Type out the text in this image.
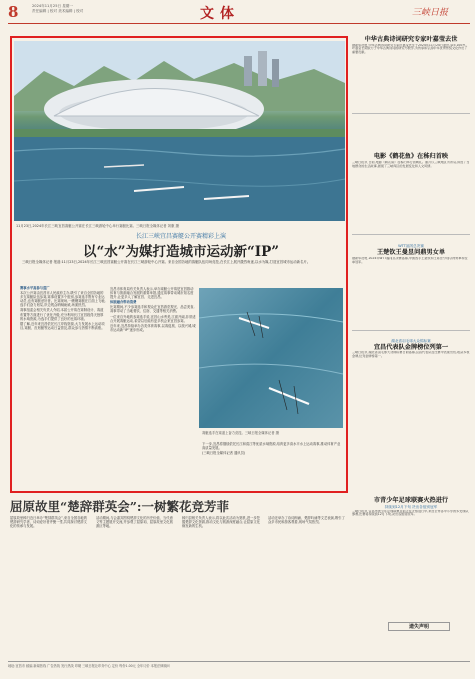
8	2024年11月25日 星期一
责任编辑 | 校对 美术编辑 | 校对	文体	三峡日报
11月23日,2024年长江三峡宜昌赛艇公开赛在长江三峡游轮中心举行赛艇比赛。三峡日报全媒体记者 刘康 摄
长江三峡宜昌赛艇公开赛精彩上演
以“水”为媒打造城市运动新“IP”
三峡日报全媒体记者 报道:11月23日,2024年长江三峡宜昌赛艇公开赛在长江三峡游轮中心开赛。来自全国各地的赛艇队伍同场竞技,在长江上展开激烈角逐,以水为媒,打造宜昌城市运动新名片。
赛事水平高参与度广

本次公开赛由宜昌市人民政府主办,吸引了来自全国各地的多支赛艇队伍参赛,赛事设置多个组别,参赛选手既有专业运动员,也有赛艇爱好者。比赛现场,一艘艘赛艇在江面上飞驰,选手们奋力划桨,岸边观众呐喊助威,场面热烈。

赛事组委会相关负责人介绍,本届公开赛在赛制设计、赛道布置等方面进行了优化升级,充分利用长江宜昌段得天独厚的水域资源,为选手们提供了良好的比赛环境。

据了解,近年来宜昌依托长江岸线资源,大力发展水上运动项目,赛艇、皮划艇等运动日益普及,群众参与热情不断高涨。

宜昌市体育局有关负责人表示,举办赛艇公开赛是宜昌推动体育与旅游融合发展的重要举措,通过赛事带动城市知名度提升,让更多人了解宜昌、走进宜昌。

体旅融合带动消费

比赛期间,不少参赛选手和观众在宜昌游览观光、品尝美食,赛事带动了当地餐饮、住宿、交通等相关消费。

一位来自外地的参赛选手说,宜昌山水秀美,江面开阔,非常适合开展赛艇运动,希望以后能有更多机会来宜昌参赛。

近年来,宜昌持续举办各类体育赛事,以赛促旅、以旅兴城,城市运动新“IP”逐步形成。

赛艇选手在赛道上奋力竞技。三峡日报全媒体记者 摄

下一步,宜昌将继续依托长江和清江等优质水域资源,培育更多高水平水上运动赛事,推动体育产业高质量发展。

(三峡日报全媒体记者 通讯员)

中华古典诗词研究专家叶嘉莹去世
据新华社电 中华古典诗词研究专家叶嘉莹先生于2024年11月24日逝世,享年100岁。叶嘉莹长期致力于中华古典诗词的研究与教学,为传承和弘扬中华优秀传统文化作出了重要贡献。
电影《鹤花鱼》在秭归首映
三峡日报讯 日前,电影《鹤花鱼》在秭归举行首映礼。影片以三峡地区为背景,讲述了当地群众的生活故事,展现了三峡库区的发展变化和人文风情。
WTT福冈总决赛
王楚钦王曼昱问鼎男女单
据新华社电 2024年WTT福冈总决赛落幕,中国选手王楚钦和王曼昱分别夺得男单和女单冠军。
湖北省羽毛球大众锦标赛
宜昌代表队金牌榜位列第一
三峡日报讯 湖北省羽毛球大众锦标赛日前落幕,宜昌代表队在比赛中表现出色,收获多枚金牌,位列金牌榜第一。
屈原故里“楚辞群英会”:一树繁花竞芳菲
屈原故里秭归近日举办“楚辞群英会”,来自全国各地的楚辞研究学者、诗词爱好者齐聚一堂,共同探讨楚辞文化的传承与发展。
活动期间,与会嘉宾围绕楚辞文化的历史价值、当代意义等主题展开交流,并参观了屈原祠、屈原故里文化旅游区等地。
秭归县相关负责人表示,将以此次活动为契机,进一步挖掘楚辞文化资源,推动文化与旅游深度融合,让屈原文化焕发新的生机。
活动还举办了诗词朗诵、楚辞吟诵等文艺表演,吸引了众多市民和游客观看,现场气氛热烈。
市青少年足球联赛火热进行
持续到12月下旬 决出各组别冠军
三峡日报讯 宜昌市青少年足球联赛目前正在火热进行中,来自全市各中小学的多支球队参赛,比赛将持续到12月下旬,决出各组别冠军。
遗失声明
地址:宜昌市 邮编 新闻热线 广告热线 发行热线 印刷 三峡日报社印务中心 定价 每份1.00元 全年订价 本报法律顾问
